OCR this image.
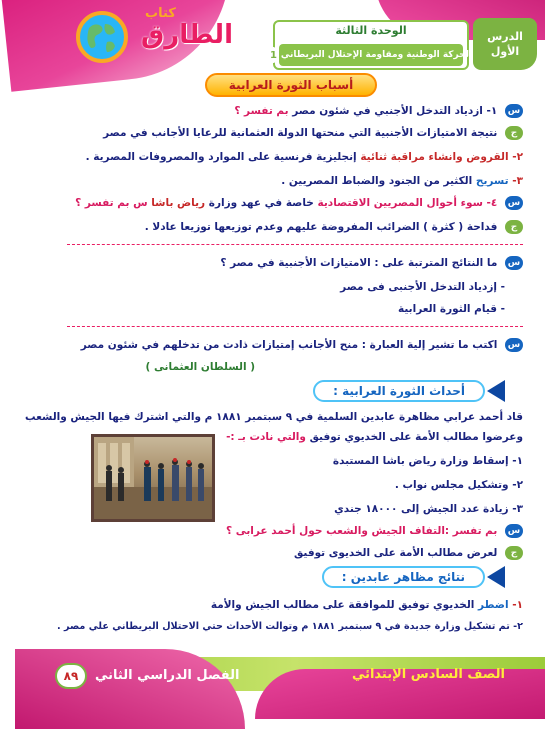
الدرس
الأول
الوحدة الثالثة
الحركة الوطنية ومقاومة الإحتلال البريطاني
1
كتاب
الطارق
أسباب الثورة العرابية
س ١- ازدياد التدخل الأجنبي في شئون مصر بم تفسر ؟
ج نتيجة الامتيازات الأجنبية التي منحتها الدولة العثمانية للرعايا الأجانب في مصر
٢- القروض وانشاء مراقبة ثنائية إنجليزية فرنسية على الموارد والمصروفات المصرية .
٣- تسريح الكثير من الجنود والضباط المصريين .
س ٤- سوء أحوال المصريين الاقتصادية خاصة في عهد وزارة رياض باشا س بم تفسر ؟
ج فداحة ( كثرة ) الضرائب المفروضة عليهم وعدم توزيعها توزيعا عادلا .
س ما النتائج المترتبة على : الامتيازات الأجنبية في مصر ؟
- إزدياد التدخل الأجنبى فى مصر
- قيام الثورة العرابية
س اكتب ما تشير إلية العبارة : منح الأجانب إمتيازات ذادت من تدخلهم في شئون مصر
( السلطان العثمانى )
أحداث الثورة العرابية :
قاد أحمد عرابي مظاهرة عابدين السلمية في ٩ سبتمبر ١٨٨١ م والتي اشترك فيها الجيش والشعب
وعرضوا مطالب الأمة على الخديوي توفيق والتي نادت بـ :-
١- إسقاط وزارة رياض باشا المستبدة
٢- وتشكيل مجلس نواب .
٣- زيادة عدد الجيش إلى ١٨٠٠٠ جندي
س بم تفسر :التفاف الجيش والشعب حول أحمد عرابى ؟
ج لعرض مطالب الأمة على الخديوى توفيق
نتائج مظاهر عابدين :
١- اضطر الخديوي توفيق للموافقة على مطالب الجيش والأمة
٢- تم تشكيل وزارة جديدة في ٩ سبتمبر ١٨٨١ م وتوالت الأحداث حتي الاحتلال البريطاني علي مصر .
٨٩	الفصل الدراسي الثاني	الصف السادس الإبتدائي
